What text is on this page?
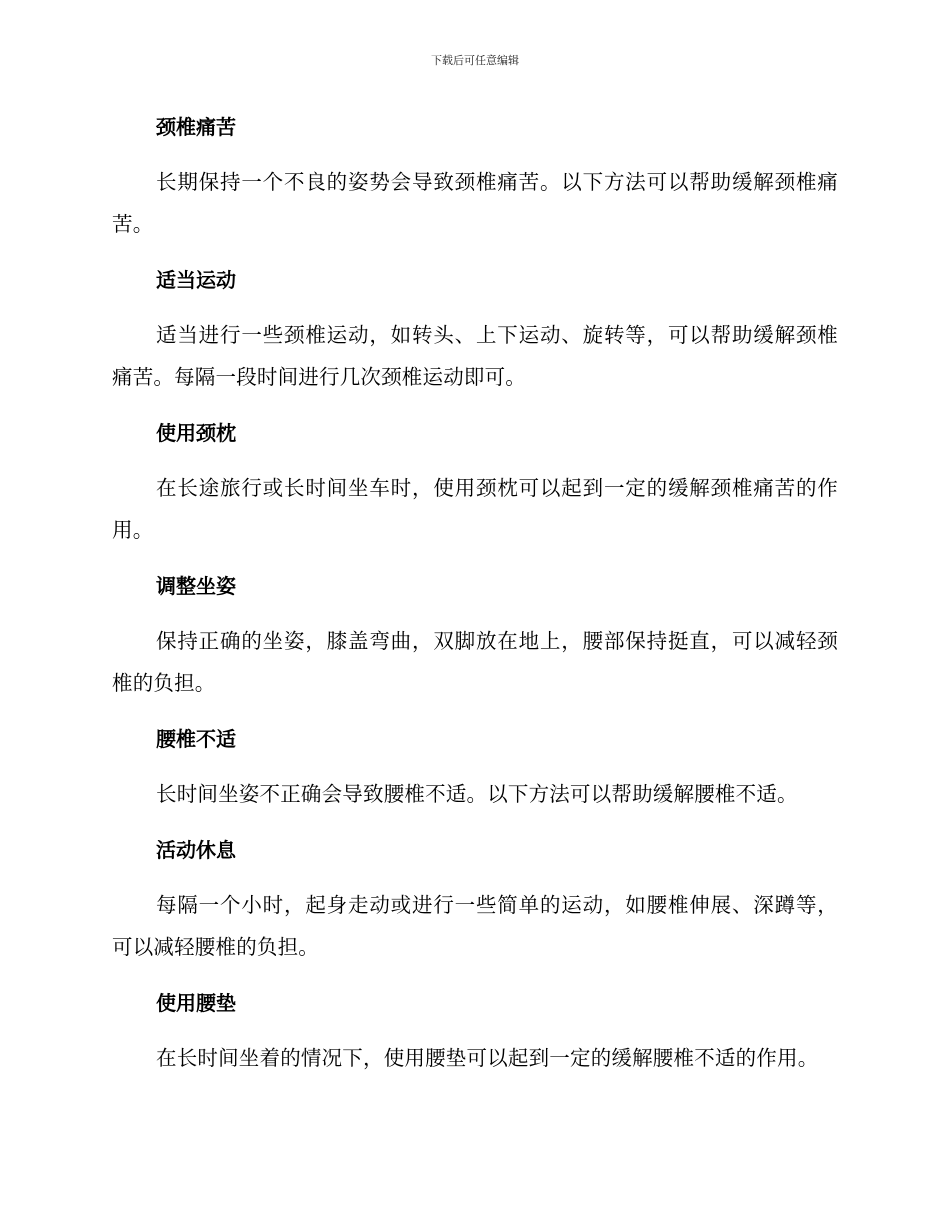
下载后可任意编辑
颈椎痛苦

长期保持一个不良的姿势会导致颈椎痛苦。以下方法可以帮助缓解颈椎痛苦。

适当运动

适当进行一些颈椎运动，如转头、上下运动、旋转等，可以帮助缓解颈椎痛苦。每隔一段时间进行几次颈椎运动即可。

使用颈枕

在长途旅行或长时间坐车时，使用颈枕可以起到一定的缓解颈椎痛苦的作用。

调整坐姿

保持正确的坐姿，膝盖弯曲，双脚放在地上，腰部保持挺直，可以减轻颈椎的负担。

腰椎不适

长时间坐姿不正确会导致腰椎不适。以下方法可以帮助缓解腰椎不适。

活动休息

每隔一个小时，起身走动或进行一些简单的运动，如腰椎伸展、深蹲等，可以减轻腰椎的负担。

使用腰垫

在长时间坐着的情况下，使用腰垫可以起到一定的缓解腰椎不适的作用。
